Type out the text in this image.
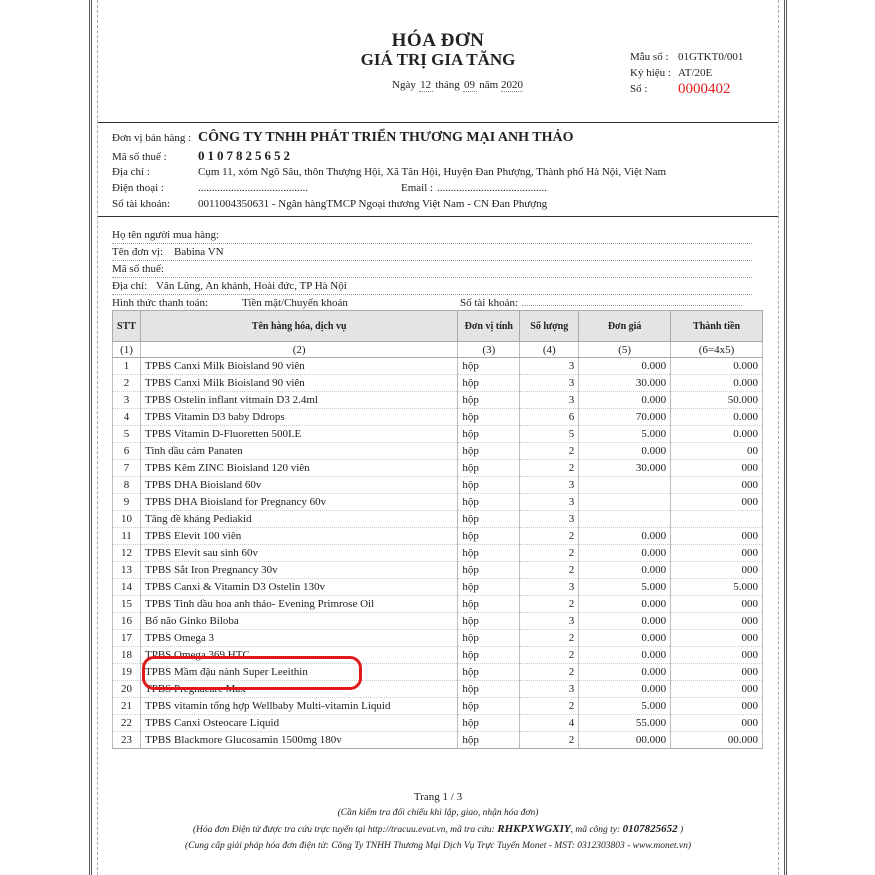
HÓA ĐƠN
GIÁ TRỊ GIA TĂNG
Ngày 12 tháng 09 năm 2020
Mẫu số : 01GTKT0/001
Ký hiệu : AT/20E
Số :	0000402
Đơn vị bán hàng : CÔNG TY TNHH PHÁT TRIỂN THƯƠNG MẠI ANH THẢO
Mã số thuế : 0107825652
Địa chỉ :	Cụm 11, xóm Ngõ Sâu, thôn Thượng Hội, Xã Tân Hội, Huyện Đan Phượng, Thành phố Hà Nội, Việt Nam
Điện thoại :	........................................	Email : ........................................
Số tài khoản:	0011004350631 - Ngân hàngTMCP Ngoại thương Việt Nam - CN Đan Phượng
Họ tên người mua hàng:
Tên đơn vị: Babina VN
Mã số thuế:
Địa chỉ: Vân Lũng, An khánh, Hoài đức, TP Hà Nội
Hình thức thanh toán:	Tiền mặt/Chuyển khoản	Số tài khoản:
STT	Tên hàng hóa, dịch vụ	Đơn vị tính	Số lượng	Đơn giá	Thành tiền
(1)	(2)	(3)	(4)	(5)	(6=4x5)
1	TPBS Canxi Milk Bioisland 90 viên	hộp	3	0.000	0.000
2	TPBS Canxi Milk Bioisland 90 viên	hộp	3	30.000	0.000
3	TPBS Ostelin inflant vitmain D3 2.4ml	hộp	3	0.000	50.000
4	TPBS Vitamin D3 baby Ddrops	hộp	6	70.000	0.000
5	TPBS Vitamin D-Fluoretten 500I.E	hộp	5	5.000	0.000
6	Tinh dầu cảm Panaten	hộp	2	0.000	00
7	TPBS Kẽm ZINC Bioisland 120 viên	hộp	2	30.000	000
8	TPBS DHA Bioisland 60v	hộp	3		000
9	TPBS DHA Bioisland for Pregnancy 60v	hộp	3		000
10	Tăng đề kháng Pediakid	hộp	3		
11	TPBS Elevit 100 viên	hộp	2	0.000	000
12	TPBS Elevit sau sinh 60v	hộp	2	0.000	000
13	TPBS Sắt Iron Pregnancy 30v	hộp	2	0.000	000
14	TPBS Canxi & Vitamin D3 Ostelin 130v	hộp	3	5.000	5.000
15	TPBS Tinh dầu hoa anh thảo- Evening Primrose Oil	hộp	2	0.000	000
16	Bổ não Ginko Biloba	hộp	3	0.000	000
17	TPBS Omega 3	hộp	2	0.000	000
18	TPBS Omega 369 HTC	hộp	2	0.000	000
19	TPBS Mầm đậu nành Super Leeithin	hộp	2	0.000	000
20	TPBS Pregnacare Max	hộp	3	0.000	000
21	TPBS vitamin tổng hợp Wellbaby Multi-vitamin Liquid	hộp	2	5.000	000
22	TPBS Canxi Osteocare Liquid	hộp	4	55.000	000
23	TPBS Blackmore Glucosamin 1500mg 180v	hộp	2	00.000	00.000
Trang 1 / 3
(Cần kiểm tra đối chiếu khi lập, giao, nhận hóa đơn)
(Hóa đơn Điện tử được tra cứu trực tuyến tại http://tracuu.evat.vn, mã tra cứu: RHKPXWGXIY, mã công ty: 0107825652 )
(Cung cấp giải pháp hóa đơn điện tử: Công Ty TNHH Thương Mại Dịch Vụ Trực Tuyến Monet - MST: 0312303803 - www.monet.vn)
